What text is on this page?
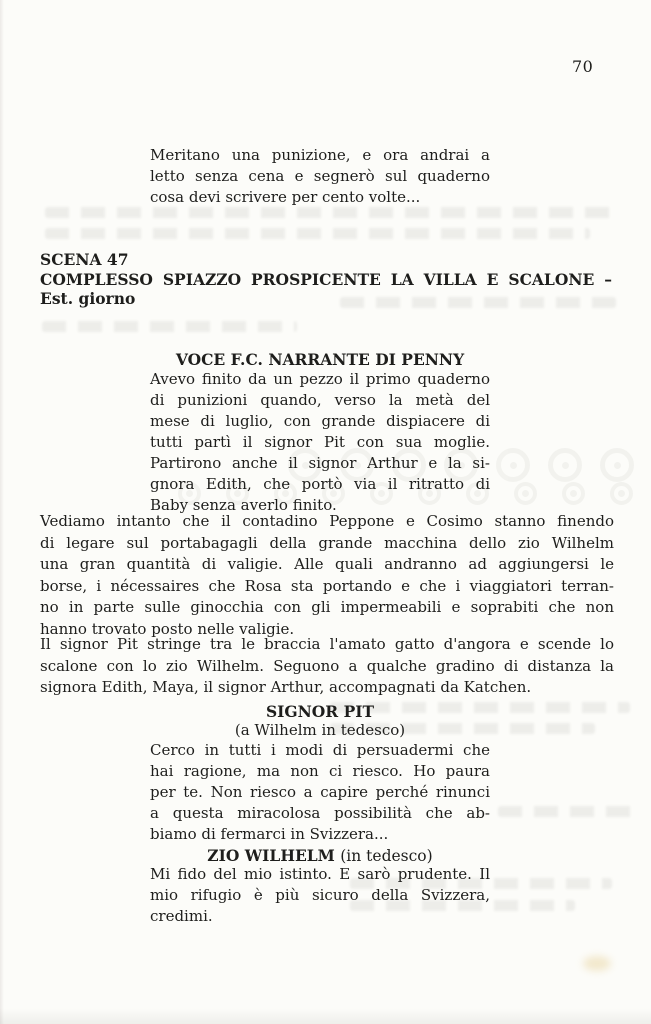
70
Meritano una punizione, e ora andrai a
letto senza cena e segnerò sul quaderno
cosa devi scrivere per cento volte...
SCENA 47
COMPLESSO SPIAZZO PROSPICENTE LA VILLA E SCALONE –
Est. giorno
VOCE F.C. NARRANTE DI PENNY
Avevo finito da un pezzo il primo quaderno
di punizioni quando, verso la metà del
mese di luglio, con grande dispiacere di
tutti partì il signor Pit con sua moglie.
Partirono anche il signor Arthur e la si-
gnora Edith, che portò via il ritratto di
Baby senza averlo finito.
Vediamo intanto che il contadino Peppone e Cosimo stanno finendo
di legare sul portabagagli della grande macchina dello zio Wilhelm
una gran quantità di valigie. Alle quali andranno ad aggiungersi le
borse, i nécessaires che Rosa sta portando e che i viaggiatori terran-
no in parte sulle ginocchia con gli impermeabili e soprabiti che non
hanno trovato posto nelle valigie.
Il signor Pit stringe tra le braccia l'amato gatto d'angora e scende lo
scalone con lo zio Wilhelm. Seguono a qualche gradino di distanza la
signora Edith, Maya, il signor Arthur, accompagnati da Katchen.
SIGNOR PIT
(a Wilhelm in tedesco)
Cerco in tutti i modi di persuadermi che
hai ragione, ma non ci riesco. Ho paura
per te. Non riesco a capire perché rinunci
a questa miracolosa possibilità che ab-
biamo di fermarci in Svizzera...
ZIO WILHELM (in tedesco)
Mi fido del mio istinto. E sarò prudente. Il
mio rifugio è più sicuro della Svizzera,
credimi.
